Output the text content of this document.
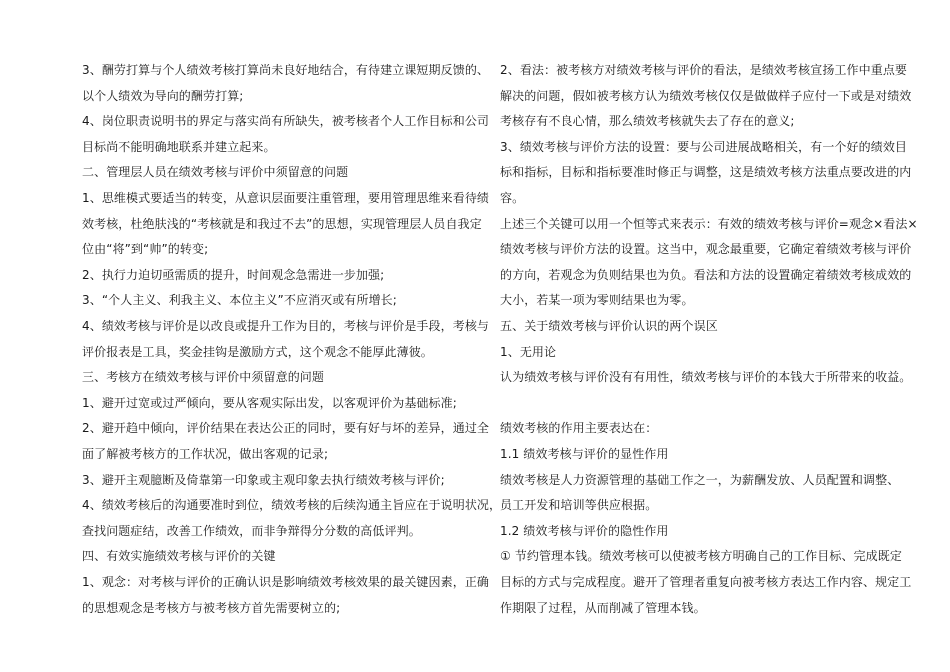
3、酬劳打算与个人绩效考核打算尚未良好地结合，有待建立课短期反馈的、
以个人绩效为导向的酬劳打算;
4、岗位职责说明书的界定与落实尚有所缺失，被考核者个人工作目标和公司
目标尚不能明确地联系并建立起来。
二、管理层人员在绩效考核与评价中须留意的问题
1、思维模式要适当的转变，从意识层面要注重管理，要用管理思维来看待绩
效考核，杜绝肤浅的“考核就是和我过不去”的思想，实现管理层人员自我定
位由“将”到“帅”的转变;
2、执行力迫切亟需质的提升，时间观念急需进一步加强;
3、“个人主义、利我主义、本位主义”不应消灭或有所增长;
4、绩效考核与评价是以改良或提升工作为目的，考核与评价是手段，考核与
评价报表是工具，奖金挂钩是激励方式，这个观念不能厚此薄彼。
三、考核方在绩效考核与评价中须留意的问题
1、避开过宽或过严倾向，要从客观实际出发，以客观评价为基础标准;
2、避开趋中倾向，评价结果在表达公正的同时，要有好与坏的差异，通过全
面了解被考核方的工作状况，做出客观的记录;
3、避开主观臆断及倚靠第一印象或主观印象去执行绩效考核与评价;
4、绩效考核后的沟通要准时到位，绩效考核的后续沟通主旨应在于说明状况，
查找问题症结，改善工作绩效，而非争辩得分分数的高低评判。
四、有效实施绩效考核与评价的关键
1、观念：对考核与评价的正确认识是影响绩效考核效果的最关键因素，正确
的思想观念是考核方与被考核方首先需要树立的;
2、看法：被考核方对绩效考核与评价的看法，是绩效考核宣扬工作中重点要
解决的问题，假如被考核方认为绩效考核仅仅是做做样子应付一下或是对绩效
考核存有不良心情，那么绩效考核就失去了存在的意义;
3、绩效考核与评价方法的设置：要与公司进展战略相关，有一个好的绩效目
标和指标，目标和指标要准时修正与调整，这是绩效考核方法重点要改进的内
容。
上述三个关键可以用一个恒等式来表示：有效的绩效考核与评价=观念×看法×
绩效考核与评价方法的设置。这当中，观念最重要，它确定着绩效考核与评价
的方向，若观念为负则结果也为负。看法和方法的设置确定着绩效考核成效的
大小，若某一项为零则结果也为零。
五、关于绩效考核与评价认识的两个误区
1、无用论
认为绩效考核与评价没有有用性，绩效考核与评价的本钱大于所带来的收益。
绩效考核的作用主要表达在：
1.1 绩效考核与评价的显性作用
绩效考核是人力资源管理的基础工作之一，为薪酬发放、人员配置和调整、
员工开发和培训等供应根据。
1.2 绩效考核与评价的隐性作用
① 节约管理本钱。绩效考核可以使被考核方明确自己的工作目标、完成既定
目标的方式与完成程度。避开了管理者重复向被考核方表达工作内容、规定工
作期限了过程，从而削减了管理本钱。
